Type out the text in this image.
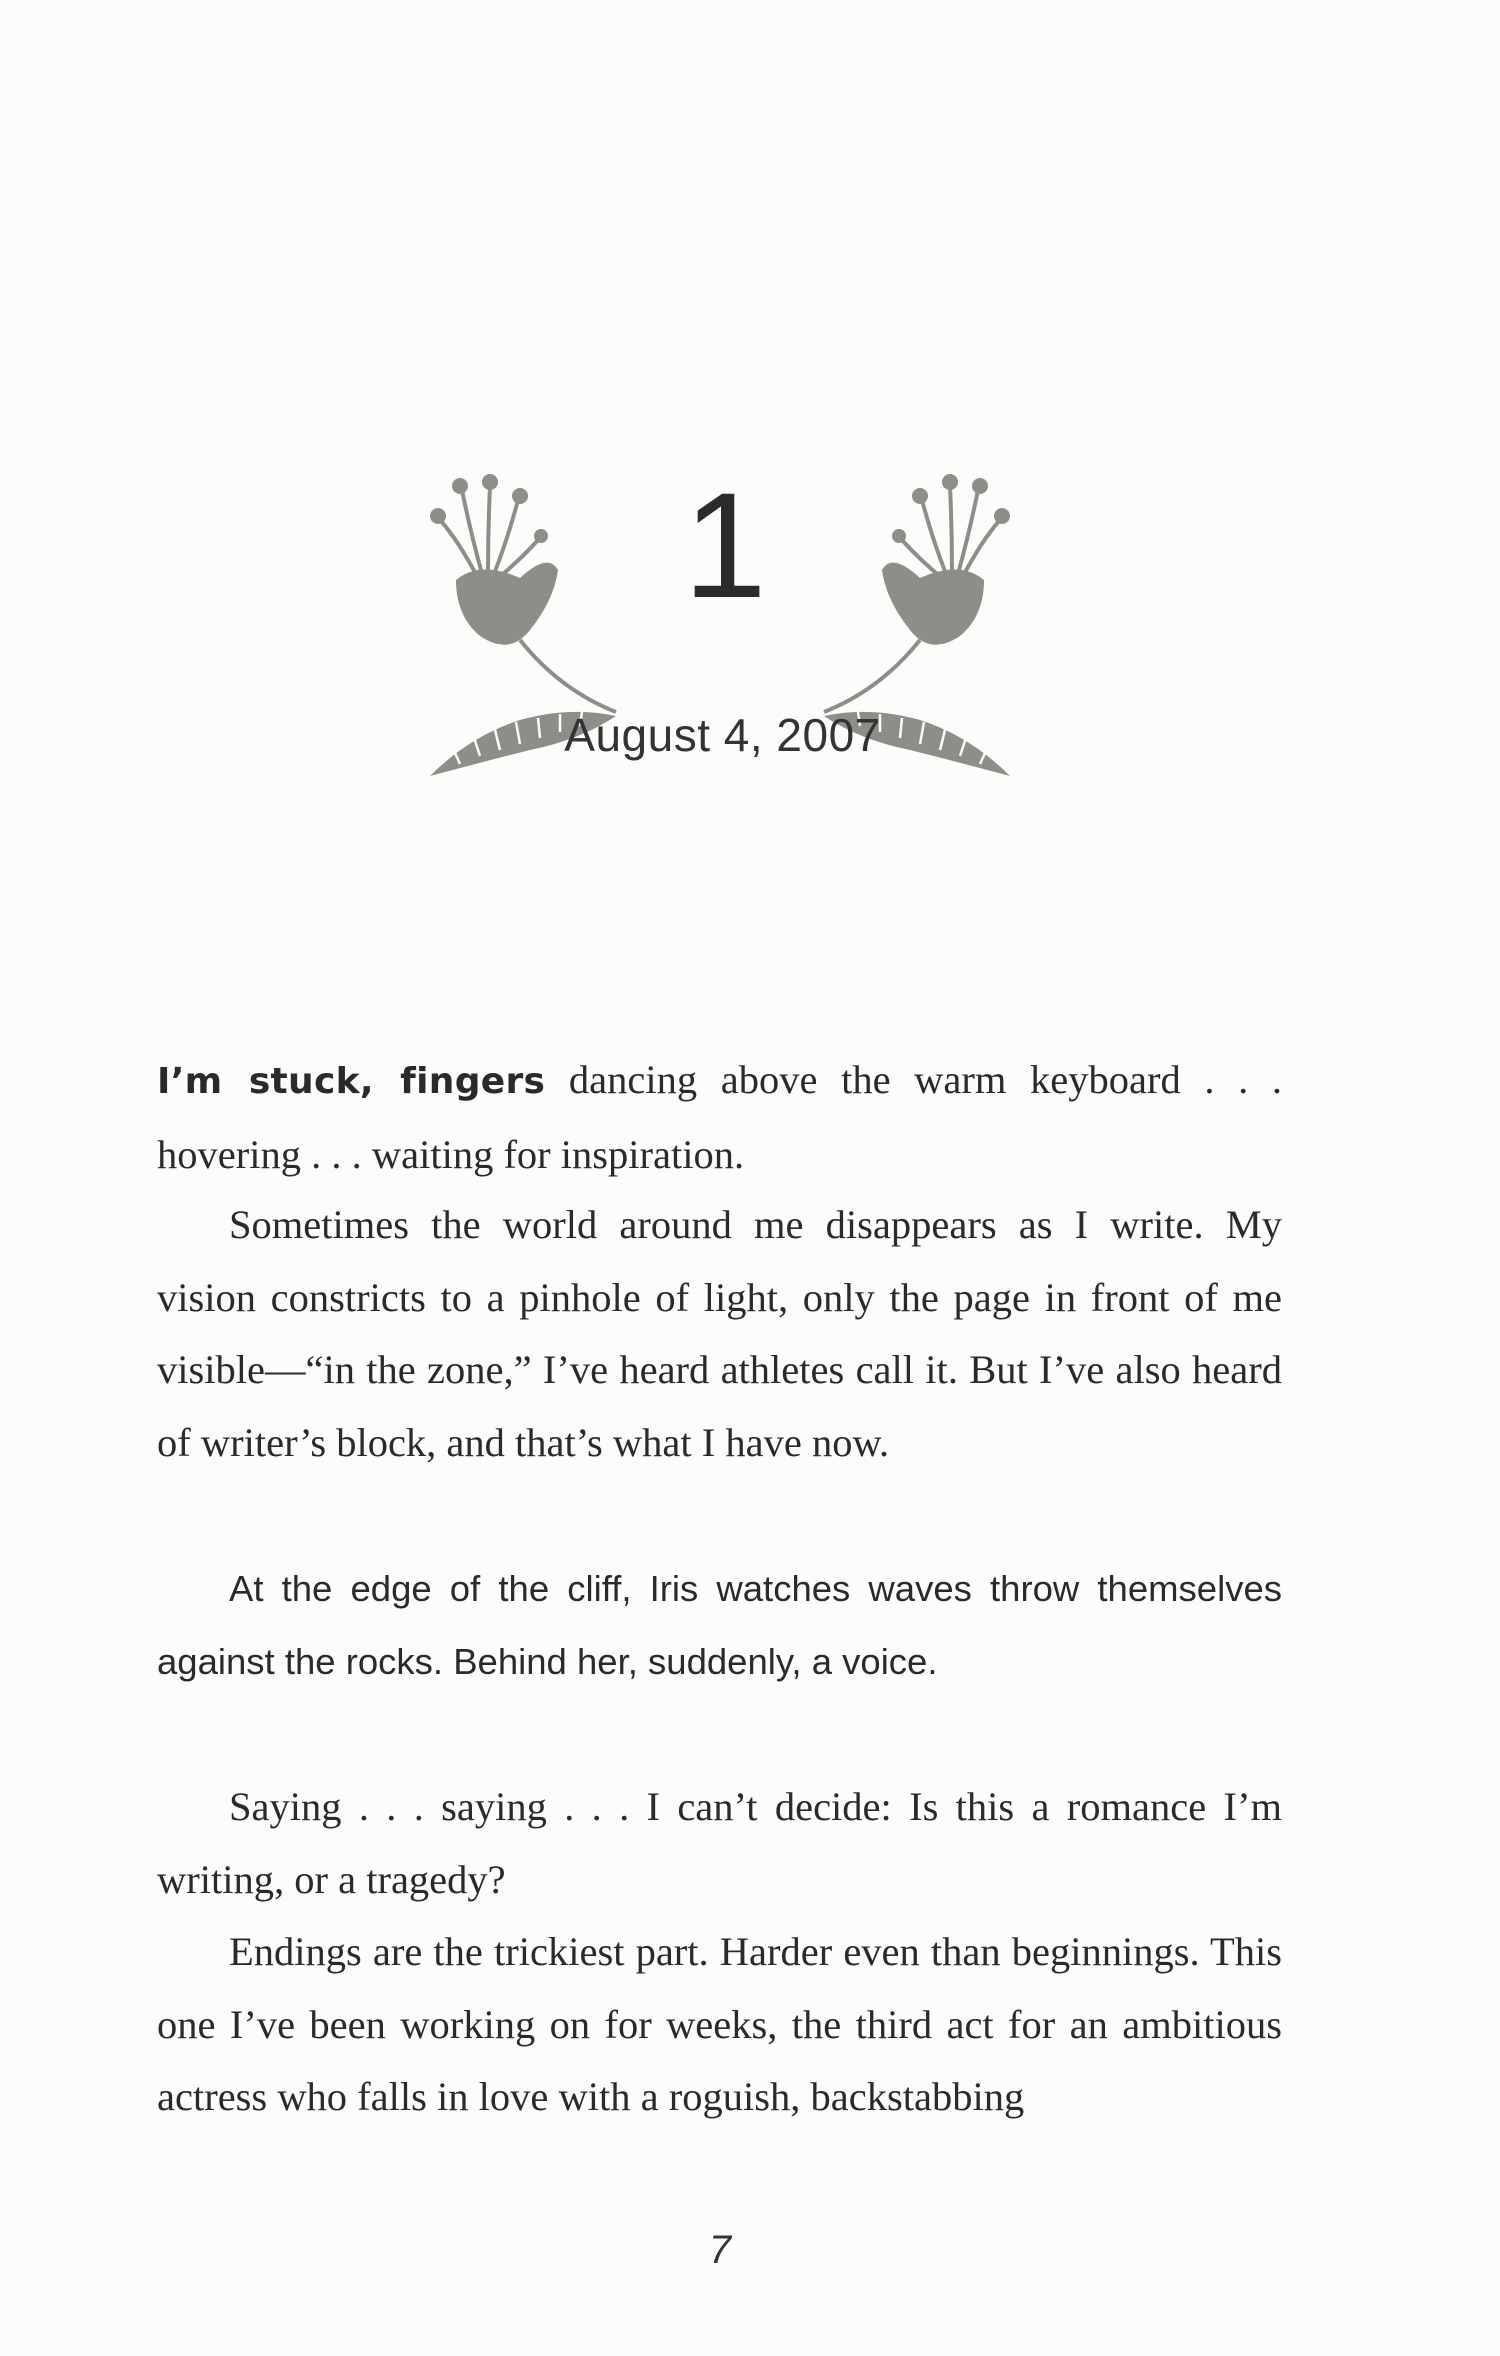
1
August 4, 2007

I’m stuck, fingers dancing above the warm keyboard . . . hovering . . . waiting for inspiration.

Sometimes the world around me disappears as I write. My vision constricts to a pinhole of light, only the page in front of me visible—“in the zone,” I’ve heard athletes call it. But I’ve also heard of writer’s block, and that’s what I have now.

At the edge of the cliff, Iris watches waves throw themselves against the rocks. Behind her, suddenly, a voice.

Saying . . . saying . . . I can’t decide: Is this a romance I’m writing, or a tragedy?

Endings are the trickiest part. Harder even than beginnings. This one I’ve been working on for weeks, the third act for an ambitious actress who falls in love with a roguish, backstabbing

7
